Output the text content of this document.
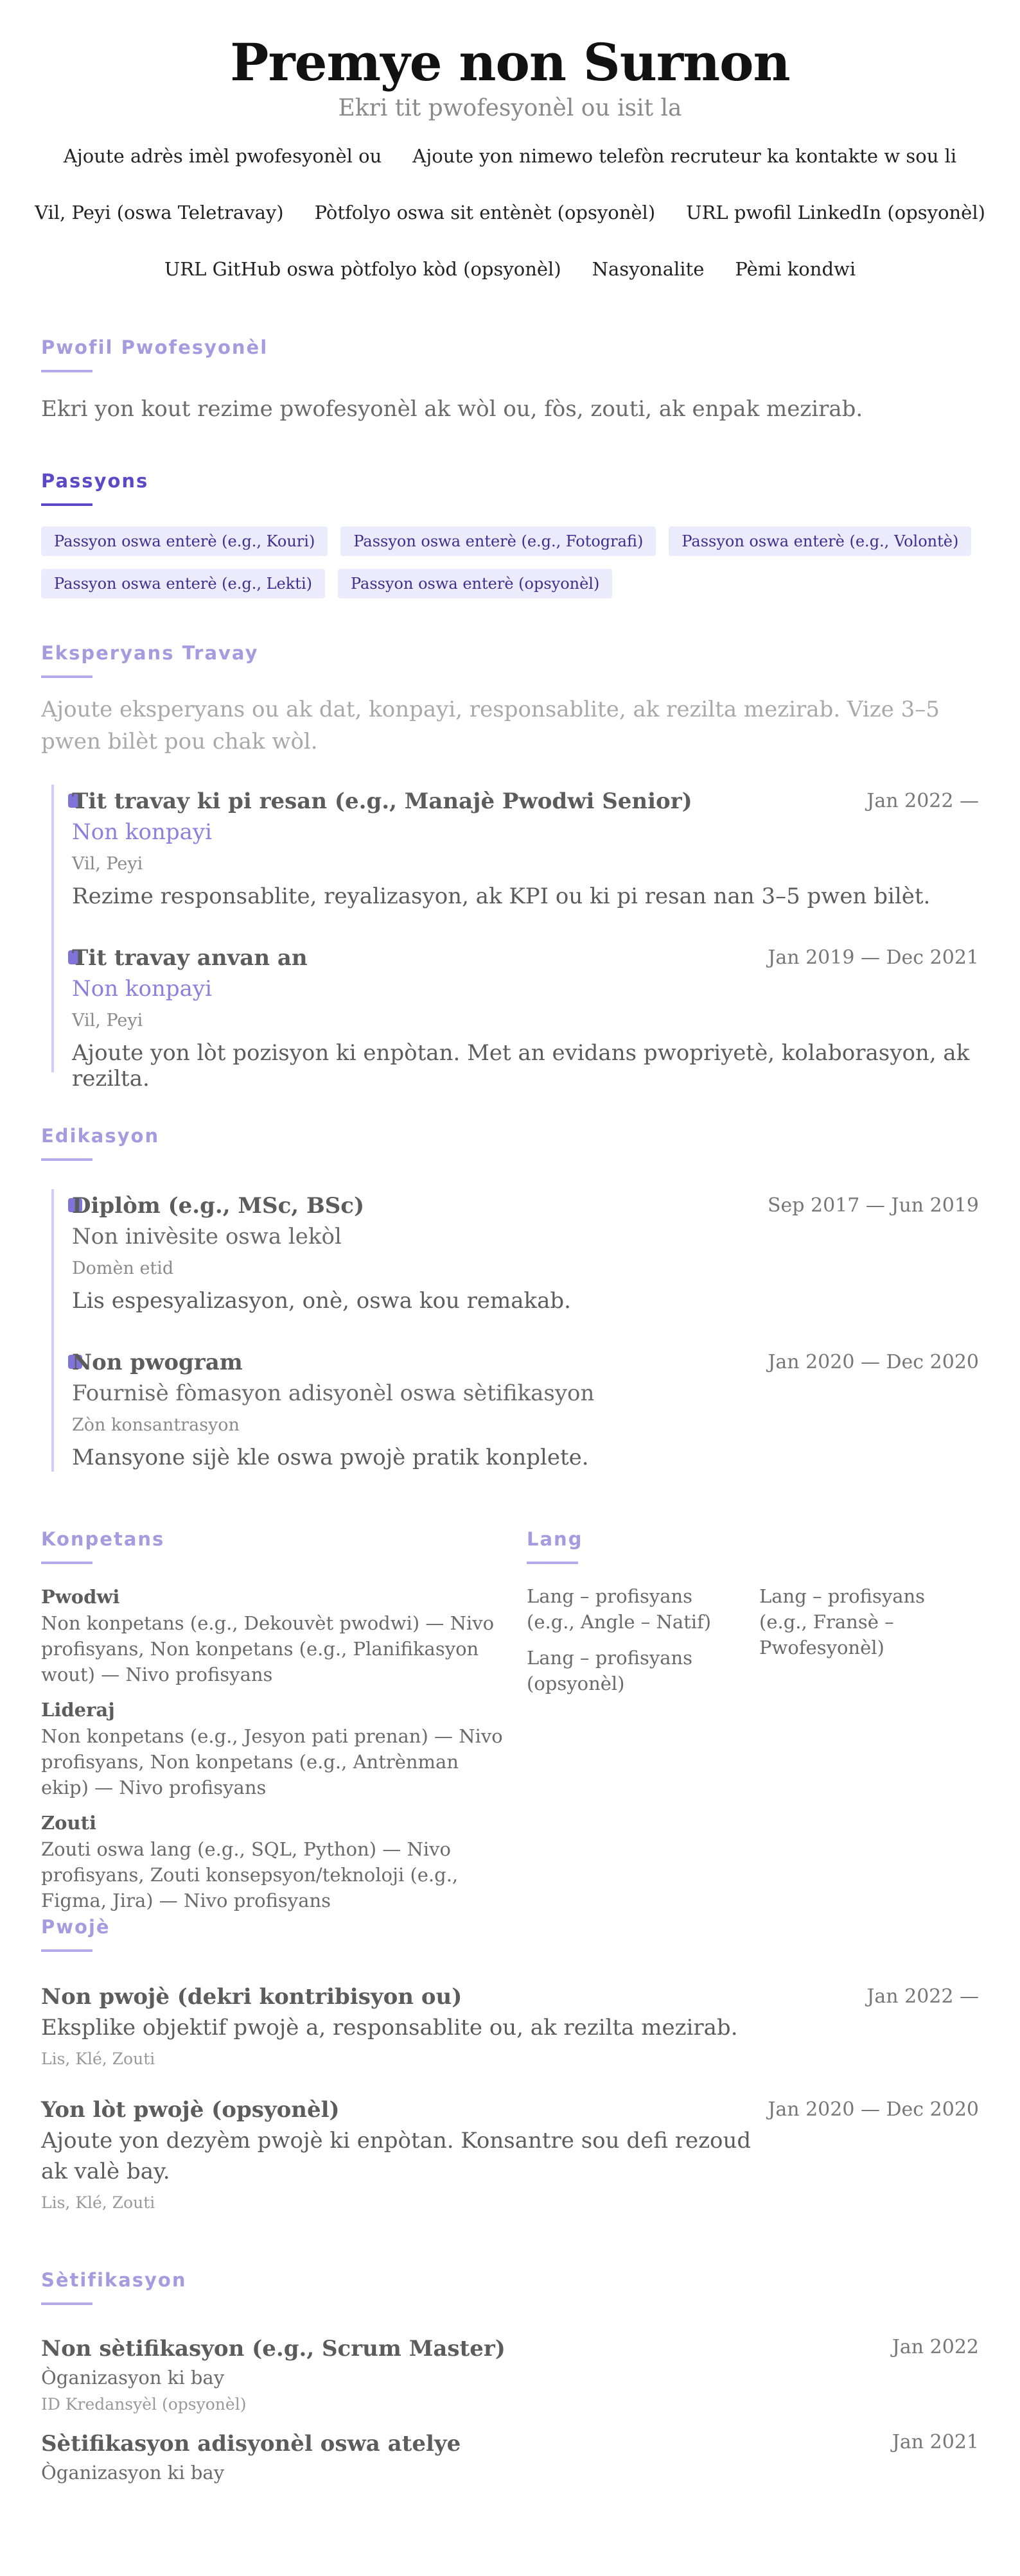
Premye non Surnon
Ekri tit pwofesyonèl ou isit la
Ajoute adrès imèl pwofesyonèl ou Ajoute yon nimewo telefòn recruteur ka kontakte w sou li
Vil, Peyi (oswa Teletravay) Pòtfolyo oswa sit entènèt (opsyonèl) URL pwofil LinkedIn (opsyonèl)
URL GitHub oswa pòtfolyo kòd (opsyonèl) Nasyonalite Pèmi kondwi
Pwofil Pwofesyonèl
Ekri yon kout rezime pwofesyonèl ak wòl ou, fòs, zouti, ak enpak mezirab.
Passyons
Passyon oswa enterè (e.g., Kouri)	Passyon oswa enterè (e.g., Fotografi)	Passyon oswa enterè (e.g., Volontè)
Passyon oswa enterè (e.g., Lekti)	Passyon oswa enterè (opsyonèl)
Eksperyans Travay
Ajoute eksperyans ou ak dat, konpayi, responsablite, ak rezilta mezirab. Vize 3–5 pwen bilèt pou chak wòl.
Tit travay ki pi resan (e.g., Manajè Pwodwi Senior)	Jan 2022 —
Non konpayi
Vil, Peyi
Rezime responsablite, reyalizasyon, ak KPI ou ki pi resan nan 3–5 pwen bilèt.
Tit travay anvan an	Jan 2019 — Dec 2021
Non konpayi
Vil, Peyi
Ajoute yon lòt pozisyon ki enpòtan. Met an evidans pwopriyetè, kolaborasyon, ak rezilta.
Edikasyon
Diplòm (e.g., MSc, BSc)	Sep 2017 — Jun 2019
Non inivèsite oswa lekòl
Domèn etid
Lis espesyalizasyon, onè, oswa kou remakab.
Non pwogram	Jan 2020 — Dec 2020
Fournisè fòmasyon adisyonèl oswa sètifikasyon
Zòn konsantrasyon
Mansyone sijè kle oswa pwojè pratik konplete.
Konpetans
Pwodwi
Non konpetans (e.g., Dekouvèt pwodwi) — Nivo profisyans, Non konpetans (e.g., Planifikasyon wout) — Nivo profisyans
Lideraj
Non konpetans (e.g., Jesyon pati prenan) — Nivo profisyans, Non konpetans (e.g., Antrènman ekip) — Nivo profisyans
Zouti
Zouti oswa lang (e.g., SQL, Python) — Nivo profisyans, Zouti konsepsyon/teknoloji (e.g., Figma, Jira) — Nivo profisyans
Lang
Lang – profisyans (e.g., Angle – Natif)
Lang – profisyans (e.g., Fransè – Pwofesyonèl)
Lang – profisyans (opsyonèl)
Pwojè
Non pwojè (dekri kontribisyon ou)	Jan 2022 —
Eksplike objektif pwojè a, responsablite ou, ak rezilta mezirab.
Lis, Klé, Zouti
Yon lòt pwojè (opsyonèl)	Jan 2020 — Dec 2020
Ajoute yon dezyèm pwojè ki enpòtan. Konsantre sou defi rezoud ak valè bay.
Lis, Klé, Zouti
Sètifikasyon
Non sètifikasyon (e.g., Scrum Master)	Jan 2022
Òganizasyon ki bay
ID Kredansyèl (opsyonèl)
Sètifikasyon adisyonèl oswa atelye	Jan 2021
Òganizasyon ki bay
